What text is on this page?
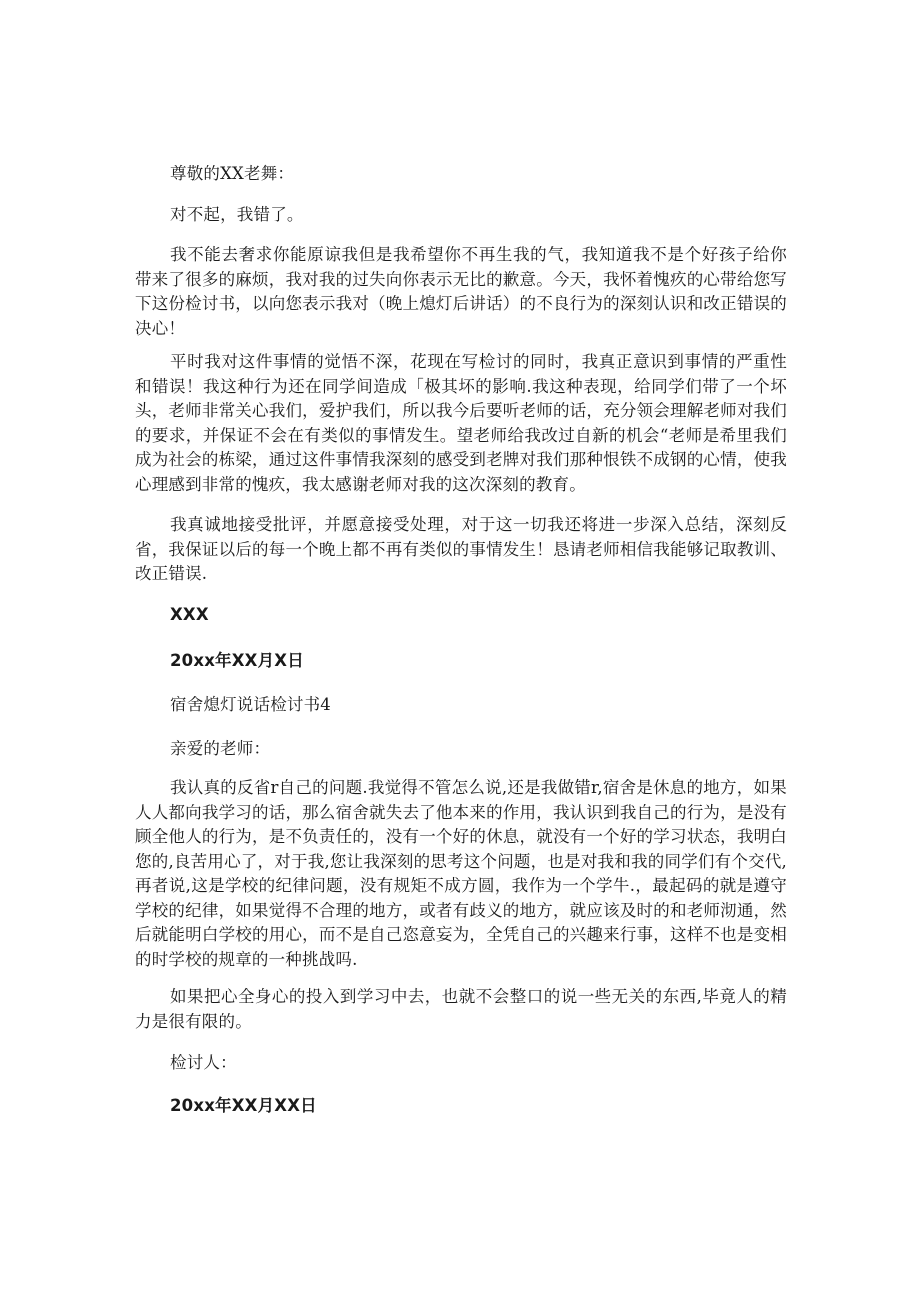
尊敬的XX老舞：

对不起，我错了。

我不能去奢求你能原谅我但是我希望你不再生我的气，我知道我不是个好孩子给你带来了很多的麻烦，我对我的过失向你表示无比的歉意。今天，我怀着愧疚的心带给您写下这份检讨书，以向您表示我对（晚上熄灯后讲话）的不良行为的深刻认识和改正错误的决心！

平时我对这件事情的觉悟不深，花现在写检讨的同时，我真正意识到事情的严重性和错误！我这种行为还在同学间造成「极其坏的影响.我这种表现，给同学们带了一个坏头，老师非常关心我们，爱护我们，所以我今后要听老师的话，充分领会理解老师对我们的要求，并保证不会在有类似的事情发生。望老师给我改过自新的机会“老师是希里我们成为社会的栋梁，通过这件事情我深刻的感受到老牌对我们那种恨铁不成钢的心情，使我心理感到非常的愧疚，我太感谢老师对我的这次深刻的教育。

我真诚地接受批评，并愿意接受处理，对于这一切我还将进一步深入总结，深刻反省，我保证以后的每一个晚上都不再有类似的事情发生！恳请老师相信我能够记取教训、改正错误.

XXX

20xx年XX月X日

宿舍熄灯说话检讨书4

亲爱的老师：

我认真的反省r自己的问题.我觉得不管怎么说,还是我做错r,宿舍是休息的地方，如果人人都向我学习的话，那么宿舍就失去了他本来的作用，我认识到我自己的行为，是没有顾全他人的行为，是不负责任的，没有一个好的休息，就没有一个好的学习状态，我明白您的,良苦用心了，对于我,您让我深刻的思考这个问题，也是对我和我的同学们有个交代,再者说,这是学校的纪律问题，没有规矩不成方圆，我作为一个学牛.，最起码的就是遵守学校的纪律，如果觉得不合理的地方，或者有歧义的地方，就应该及时的和老师沏通，然后就能明白学校的用心，而不是自己恣意妄为，全凭自己的兴趣来行事，这样不也是变相的时学校的规章的一种挑战吗.

如果把心全身心的投入到学习中去，也就不会整口的说一些无关的东西,毕竟人的精力是很有限的。

检讨人：

20xx年XX月XX日
